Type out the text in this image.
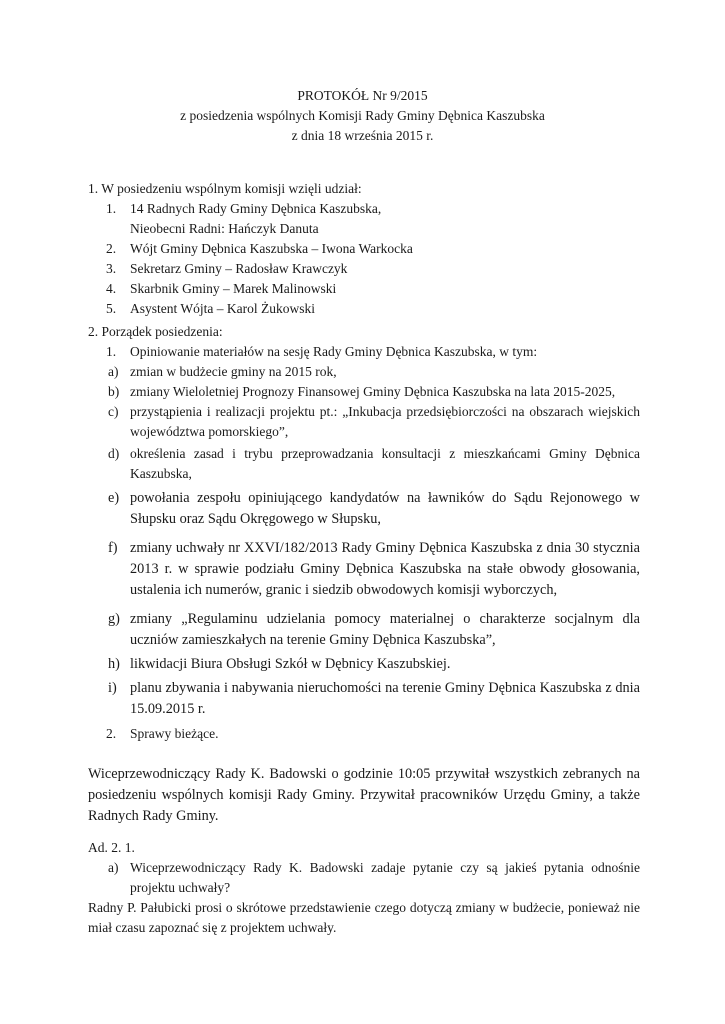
PROTOKÓŁ Nr 9/2015
z posiedzenia wspólnych Komisji Rady Gminy Dębnica Kaszubska
z dnia 18 września 2015 r.
1. W posiedzeniu wspólnym komisji wzięli udział:
1. 14 Radnych Rady Gminy Dębnica Kaszubska,
Nieobecni Radni: Hańczyk Danuta
2. Wójt Gminy Dębnica Kaszubska – Iwona Warkocka
3. Sekretarz Gminy – Radosław Krawczyk
4. Skarbnik Gminy – Marek Malinowski
5. Asystent Wójta – Karol Żukowski
2. Porządek posiedzenia:
1. Opiniowanie materiałów na sesję Rady Gminy Dębnica Kaszubska, w tym:
a) zmian w budżecie gminy na 2015 rok,
b) zmiany Wieloletniej Prognozy Finansowej Gminy Dębnica Kaszubska na lata 2015-2025,
c) przystąpienia i realizacji projektu pt.: „Inkubacja przedsiębiorczości na obszarach wiejskich województwa pomorskiego”,
d) określenia zasad i trybu przeprowadzania konsultacji z mieszkańcami Gminy Dębnica Kaszubska,
e) powołania zespołu opiniującego kandydatów na ławników do Sądu Rejonowego w Słupsku oraz Sądu Okręgowego w Słupsku,
f) zmiany uchwały nr XXVI/182/2013 Rady Gminy Dębnica Kaszubska z dnia 30 stycznia 2013 r. w sprawie podziału Gminy Dębnica Kaszubska na stałe obwody głosowania, ustalenia ich numerów, granic i siedzib obwodowych komisji wyborczych,
g) zmiany „Regulaminu udzielania pomocy materialnej o charakterze socjalnym dla uczniów zamieszkałych na terenie Gminy Dębnica Kaszubska”,
h) likwidacji Biura Obsługi Szkół w Dębnicy Kaszubskiej.
i) planu zbywania i nabywania nieruchomości na terenie Gminy Dębnica Kaszubska z dnia 15.09.2015 r.
2. Sprawy bieżące.
Wiceprzewodniczący Rady K. Badowski o godzinie 10:05 przywitał wszystkich zebranych na posiedzeniu wspólnych komisji Rady Gminy. Przywitał pracowników Urzędu Gminy, a także Radnych Rady Gminy.
Ad. 2. 1.
a) Wiceprzewodniczący Rady K. Badowski zadaje pytanie czy są jakieś pytania odnośnie projektu uchwały?
Radny P. Pałubicki prosi o skrótowe przedstawienie czego dotyczą zmiany w budżecie, ponieważ nie miał czasu zapoznać się z projektem uchwały.
